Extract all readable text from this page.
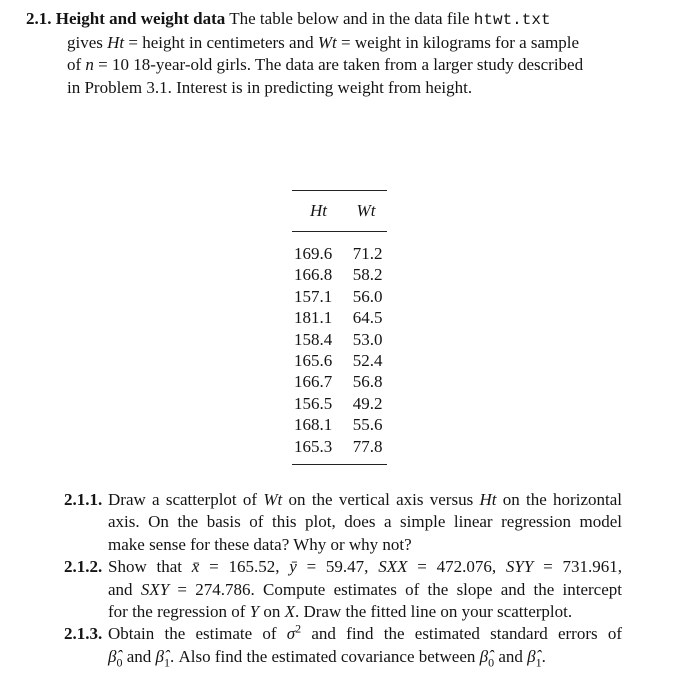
2.1. Height and weight data The table below and in the data file htwt.txt
gives Ht = height in centimeters and Wt = weight in kilograms for a sample
of n = 10 18-year-old girls. The data are taken from a larger study described
in Problem 3.1. Interest is in predicting weight from height.
Ht	Wt
169.6	71.2
166.8	58.2
157.1	56.0
181.1	64.5
158.4	53.0
165.6	52.4
166.7	56.8
156.5	49.2
168.1	55.6
165.3	77.8
2.1.1. Draw a scatterplot of Wt on the vertical axis versus Ht on the horizontal
axis. On the basis of this plot, does a simple linear regression model
make sense for these data? Why or why not?
2.1.2. Show that x̄ = 165.52, ȳ = 59.47, SXX = 472.076, SYY = 731.961,
and SXY = 274.786. Compute estimates of the slope and the intercept
for the regression of Y on X. Draw the fitted line on your scatterplot.
2.1.3. Obtain the estimate of $\sigma^2$ and find the estimated standard errors of
$\betâ_0$ and $\betâ_1$. Also find the estimated covariance between $\betâ_0$ and $\betâ_1$.
